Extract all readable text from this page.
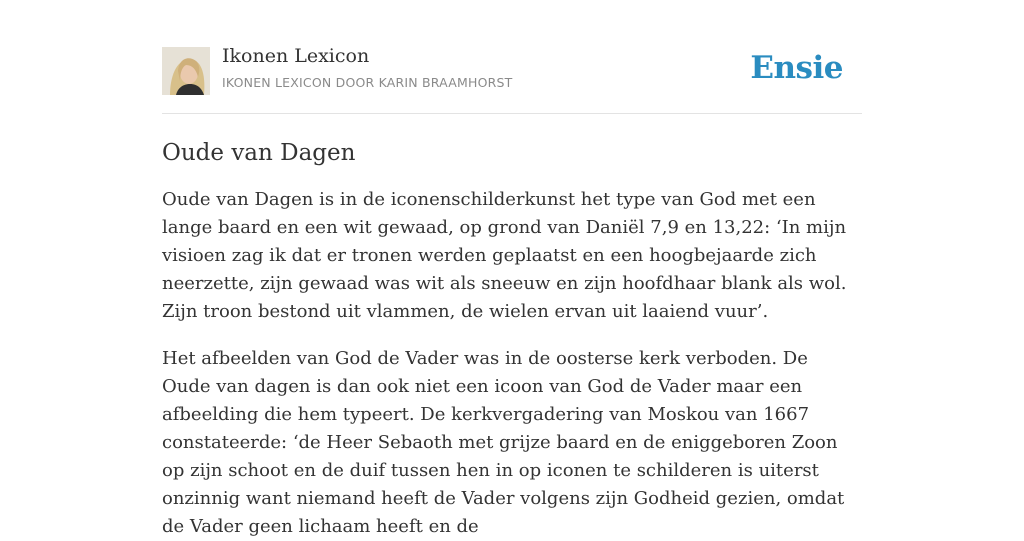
Ikonen Lexicon
IKONEN LEXICON DOOR KARIN BRAAMHORST	Ensie
Oude van Dagen

Oude van Dagen is in de iconenschilderkunst het type van God met een lange baard en een wit gewaad, op grond van Daniël 7,9 en 13,22: ‘In mijn visioen zag ik dat er tronen werden geplaatst en een hoogbejaarde zich neerzette, zijn gewaad was wit als sneeuw en zijn hoofdhaar blank als wol. Zijn troon bestond uit vlammen, de wielen ervan uit laaiend vuur’.

Het afbeelden van God de Vader was in de oosterse kerk verboden. De Oude van dagen is dan ook niet een icoon van God de Vader maar een afbeelding die hem typeert. De kerkvergadering van Moskou van 1667 constateerde: ‘de Heer Sebaoth met grijze baard en de eniggeboren Zoon op zijn schoot en de duif tussen hen in op iconen te schilderen is uiterst onzinnig want niemand heeft de Vader volgens zijn Godheid gezien, omdat de Vader geen lichaam heeft en de
